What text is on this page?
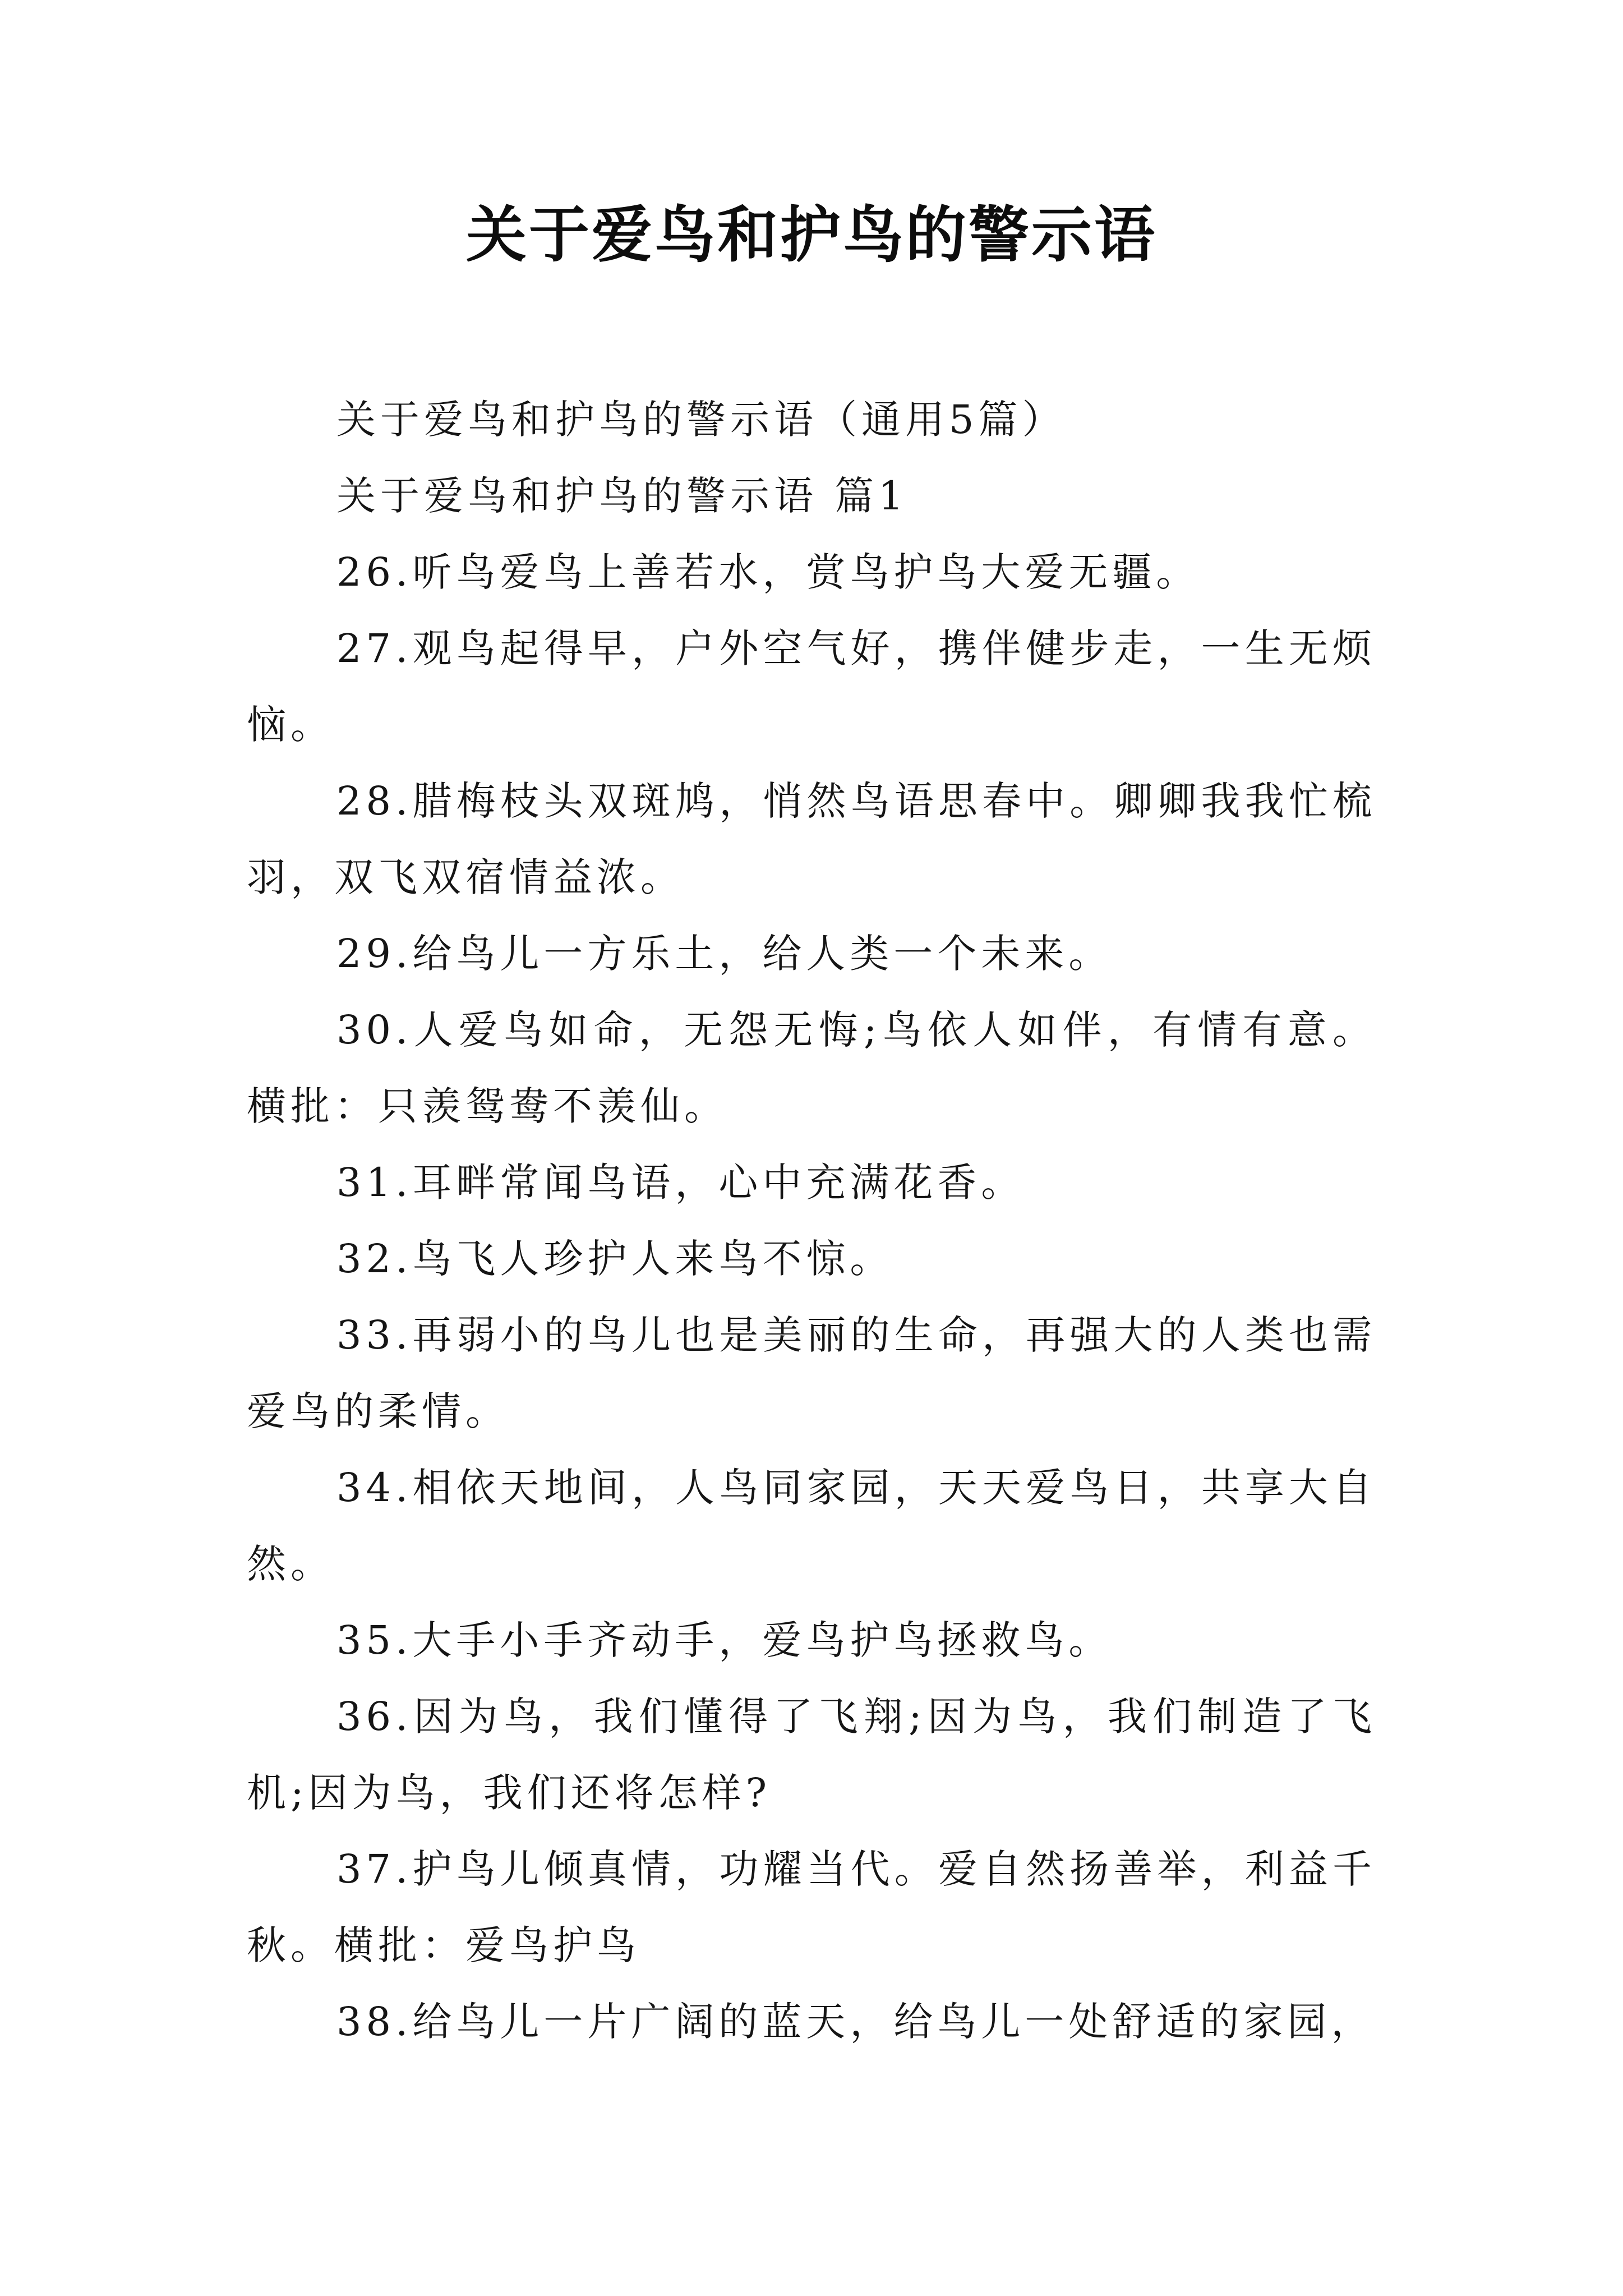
关于爱鸟和护鸟的警示语

关于爱鸟和护鸟的警示语（通用5篇）

关于爱鸟和护鸟的警示语 篇1

26.听鸟爱鸟上善若水，赏鸟护鸟大爱无疆。

27.观鸟起得早，户外空气好，携伴健步走，一生无烦恼。

28.腊梅枝头双斑鸠，悄然鸟语思春中。卿卿我我忙梳羽，双飞双宿情益浓。

29.给鸟儿一方乐土，给人类一个未来。

30.人爱鸟如命，无怨无悔;鸟依人如伴，有情有意。横批：只羡鸳鸯不羡仙。

31.耳畔常闻鸟语，心中充满花香。

32.鸟飞人珍护人来鸟不惊。

33.再弱小的鸟儿也是美丽的生命，再强大的人类也需爱鸟的柔情。

34.相依天地间，人鸟同家园，天天爱鸟日，共享大自然。

35.大手小手齐动手，爱鸟护鸟拯救鸟。

36.因为鸟，我们懂得了飞翔;因为鸟，我们制造了飞机;因为鸟，我们还将怎样?

37.护鸟儿倾真情，功耀当代。爱自然扬善举，利益千秋。横批：爱鸟护鸟

38.给鸟儿一片广阔的蓝天，给鸟儿一处舒适的家园，
